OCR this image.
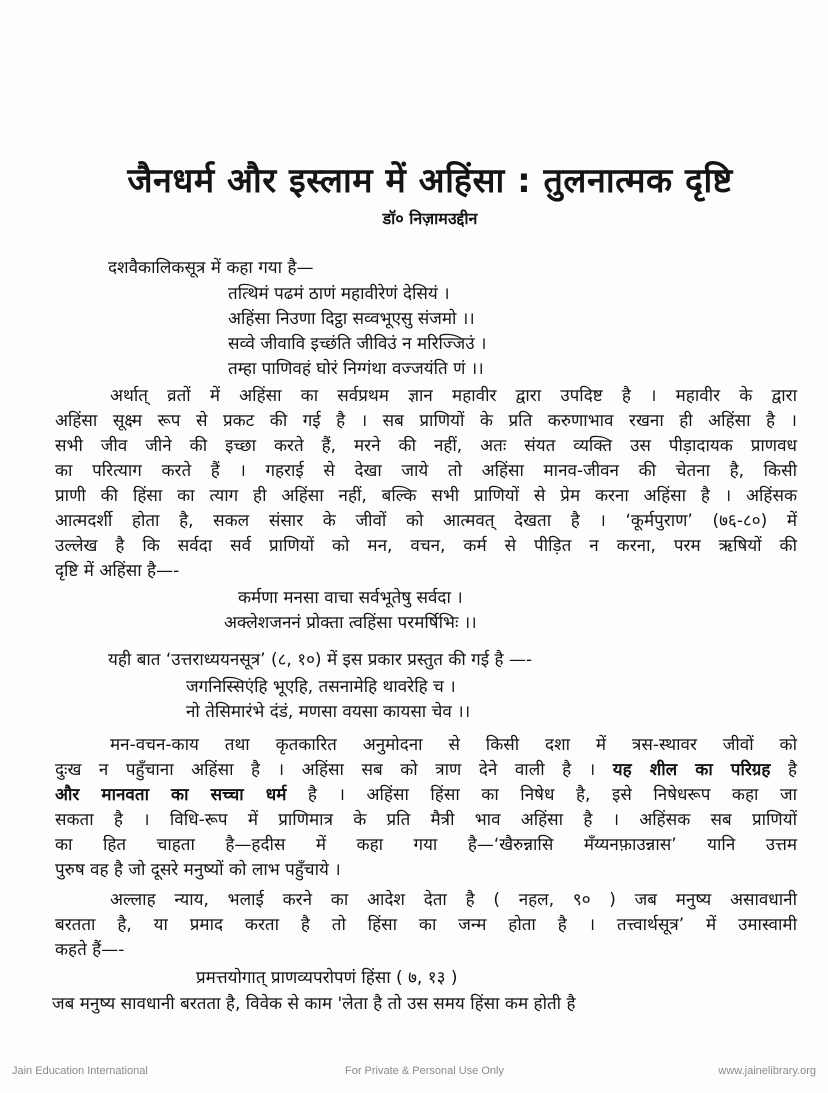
जैनधर्म और इस्लाम में अहिंसा : तुलनात्मक दृष्टि
डॉ० निज़ामउद्दीन
दशवैकालिकसूत्र में कहा गया है—
तत्थिमं पढमं ठाणं महावीरेणं देसियं ।
अहिंसा निउणा दिट्ठा सव्वभूएसु संजमो ।।
सव्वे जीवावि इच्छंति जीविउं न मरिज्जिउं ।
तम्हा पाणिवहं घोरं निग्गंथा वज्जयंति णं ।।
अर्थात् व्रतों में अहिंसा का सर्वप्रथम ज्ञान महावीर द्वारा उपदिष्ट है । महावीर के द्वारा
अहिंसा सूक्ष्म रूप से प्रकट की गई है । सब प्राणियों के प्रति करुणाभाव रखना ही अहिंसा है ।
सभी जीव जीने की इच्छा करते हैं, मरने की नहीं, अतः संयत व्यक्ति उस पीड़ादायक प्राणवध
का परित्याग करते हैं । गहराई से देखा जाये तो अहिंसा मानव-जीवन की चेतना है, किसी
प्राणी की हिंसा का त्याग ही अहिंसा नहीं, बल्कि सभी प्राणियों से प्रेम करना अहिंसा है । अहिंसक
आत्मदर्शी होता है, सकल संसार के जीवों को आत्मवत् देखता है । ‘कूर्मपुराण’ (७६-८०) में
उल्लेख है कि सर्वदा सर्व प्राणियों को मन, वचन, कर्म से पीड़ित न करना, परम ऋषियों की
दृष्टि में अहिंसा है—-
कर्मणा मनसा वाचा सर्वभूतेषु सर्वदा ।
अक्लेशजननं प्रोक्ता त्वहिंसा परमर्षिभिः ।।
यही बात ‘उत्तराध्ययनसूत्र’ (८, १०) में इस प्रकार प्रस्तुत की गई है —-
जगनिस्सिएंहि भूएहि, तसनामेहि थावरेहि च ।
नो तेसिमारंभे दंडं, मणसा वयसा कायसा चेव ।।
मन-वचन-काय तथा कृतकारित अनुमोदना से किसी दशा में त्रस-स्थावर जीवों को
दुःख न पहुँचाना अहिंसा है । अहिंसा सब को त्राण देने वाली है । यह शील का परिग्रह है
और मानवता का सच्चा धर्म है । अहिंसा हिंसा का निषेध है, इसे निषेधरूप कहा जा
सकता है । विधि-रूप में प्राणिमात्र के प्रति मैत्री भाव अहिंसा है । अहिंसक सब प्राणियों
का हित चाहता है—हदीस में कहा गया है—‘खैरुन्नासि मँय्यनफ़ाउन्नास’ यानि उत्तम
पुरुष वह है जो दूसरे मनुष्यों को लाभ पहुँचाये ।
अल्लाह न्याय, भलाई करने का आदेश देता है ( नहल, ९० ) जब मनुष्य असावधानी
बरतता है, या प्रमाद करता है तो हिंसा का जन्म होता है । तत्त्वार्थसूत्र’ में उमास्वामी
कहते हैं—-
प्रमत्तयोगात् प्राणव्यपरोपणं हिंसा ( ७, १३ )
जब मनुष्य सावधानी बरतता है, विवेक से काम 'लेता है तो उस समय हिंसा कम होती है
Jain Education International	For Private & Personal Use Only	www.jainelibrary.org
